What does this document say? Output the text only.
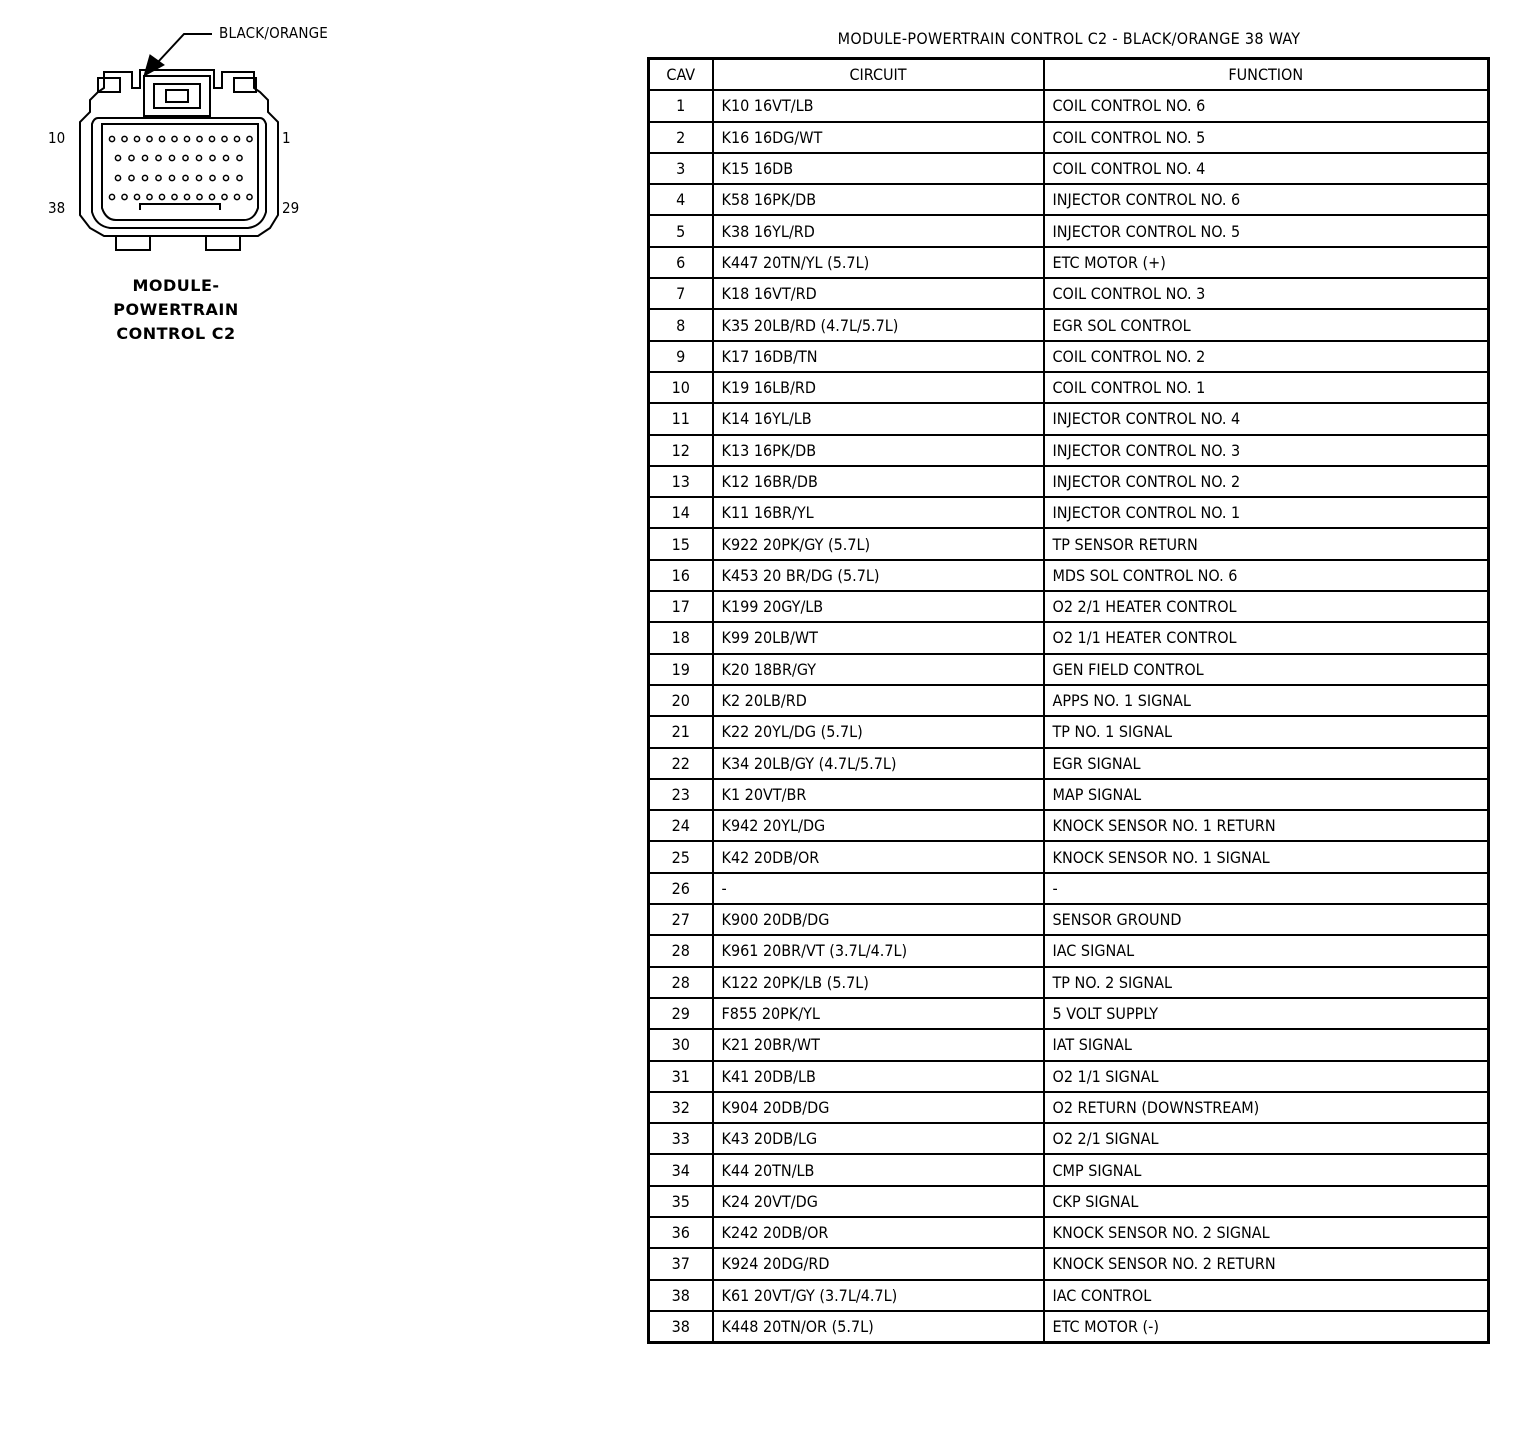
BLACK/ORANGE
10	1
38	29
MODULE-
POWERTRAIN
CONTROL C2
MODULE-POWERTRAIN CONTROL C2 - BLACK/ORANGE 38 WAY
CAV	CIRCUIT	FUNCTION
1	K10 16VT/LB	COIL CONTROL NO. 6
2	K16 16DG/WT	COIL CONTROL NO. 5
3	K15 16DB	COIL CONTROL NO. 4
4	K58 16PK/DB	INJECTOR CONTROL NO. 6
5	K38 16YL/RD	INJECTOR CONTROL NO. 5
6	K447 20TN/YL (5.7L)	ETC MOTOR (+)
7	K18 16VT/RD	COIL CONTROL NO. 3
8	K35 20LB/RD (4.7L/5.7L)	EGR SOL CONTROL
9	K17 16DB/TN	COIL CONTROL NO. 2
10	K19 16LB/RD	COIL CONTROL NO. 1
11	K14 16YL/LB	INJECTOR CONTROL NO. 4
12	K13 16PK/DB	INJECTOR CONTROL NO. 3
13	K12 16BR/DB	INJECTOR CONTROL NO. 2
14	K11 16BR/YL	INJECTOR CONTROL NO. 1
15	K922 20PK/GY (5.7L)	TP SENSOR RETURN
16	K453 20 BR/DG (5.7L)	MDS SOL CONTROL NO. 6
17	K199 20GY/LB	O2 2/1 HEATER CONTROL
18	K99 20LB/WT	O2 1/1 HEATER CONTROL
19	K20 18BR/GY	GEN FIELD CONTROL
20	K2 20LB/RD	APPS NO. 1 SIGNAL
21	K22 20YL/DG (5.7L)	TP NO. 1 SIGNAL
22	K34 20LB/GY (4.7L/5.7L)	EGR SIGNAL
23	K1 20VT/BR	MAP SIGNAL
24	K942 20YL/DG	KNOCK SENSOR NO. 1 RETURN
25	K42 20DB/OR	KNOCK SENSOR NO. 1 SIGNAL
26	-	-
27	K900 20DB/DG	SENSOR GROUND
28	K961 20BR/VT (3.7L/4.7L)	IAC SIGNAL
28	K122 20PK/LB (5.7L)	TP NO. 2 SIGNAL
29	F855 20PK/YL	5 VOLT SUPPLY
30	K21 20BR/WT	IAT SIGNAL
31	K41 20DB/LB	O2 1/1 SIGNAL
32	K904 20DB/DG	O2 RETURN (DOWNSTREAM)
33	K43 20DB/LG	O2 2/1 SIGNAL
34	K44 20TN/LB	CMP SIGNAL
35	K24 20VT/DG	CKP SIGNAL
36	K242 20DB/OR	KNOCK SENSOR NO. 2 SIGNAL
37	K924 20DG/RD	KNOCK SENSOR NO. 2 RETURN
38	K61 20VT/GY (3.7L/4.7L)	IAC CONTROL
38	K448 20TN/OR (5.7L)	ETC MOTOR (-)
